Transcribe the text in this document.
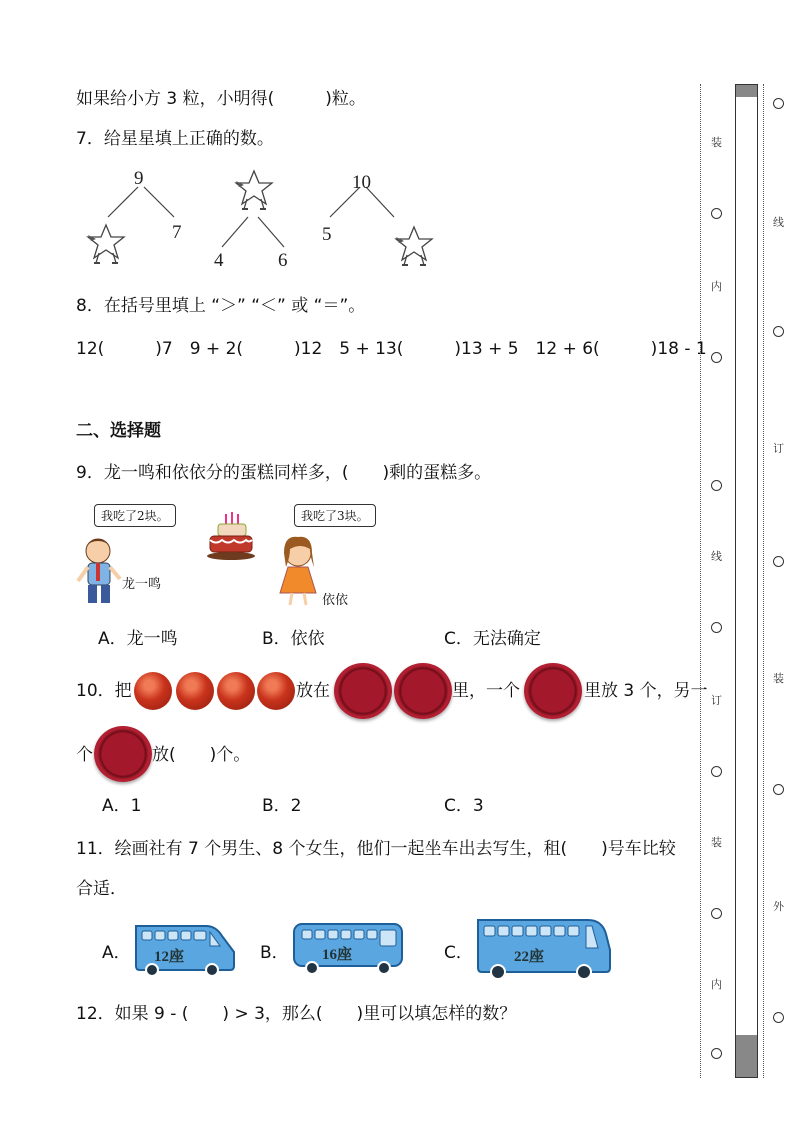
如果给小方 3 粒，小明得(　　　)粒。
7．给星星填上正确的数。
9
7
4	6
10
5
8．在括号里填上 “＞” “＜” 或 “＝”。
12(　　　)7　9 + 2(　　　)12　5 + 13(　　　)13 + 5　12 + 6(　　　)18 - 1
二、选择题
9．龙一鸣和依依分的蛋糕同样多，(　　)剩的蛋糕多。
我吃了2块。	我吃了3块。
龙一鸣
依依
A．龙一鸣	B．依依	C．无法确定
10．把	放在	里，一个	里放 3 个，另一
个	放(　　)个。
A．1	B．2	C．3
11．绘画社有 7 个男生、8 个女生，他们一起坐车出去写生，租(　　)号车比较
合适．
A． 12座	B． 16座	C．	22座
12．如果 9 - (　　) > 3，那么(　　)里可以填怎样的数？
装
内
线
订
装
内
线
订
装
外
